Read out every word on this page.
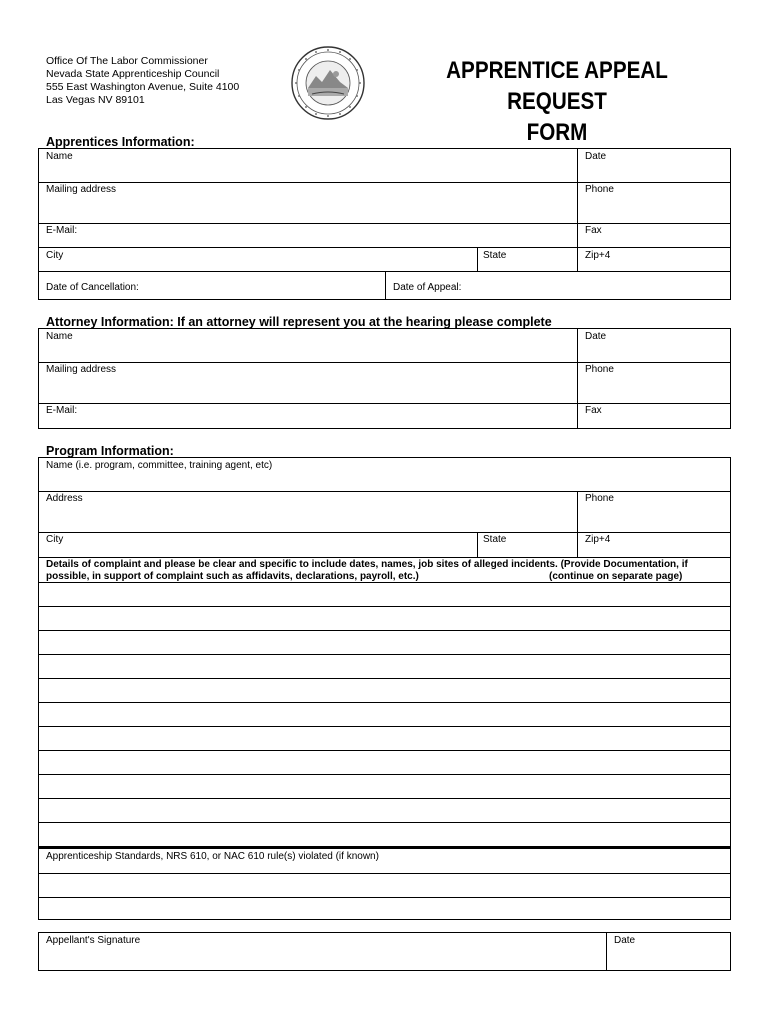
Office Of The Labor Commissioner
Nevada State Apprenticeship Council
555 East Washington Avenue, Suite 4100
Las Vegas NV 89101
APPRENTICE APPEAL REQUEST
FORM
Apprentices Information:
Name	Date
Mailing address	Phone
E-Mail:	Fax
City	State	Zip+4
Date of Cancellation:	Date of Appeal:
Attorney Information: If an attorney will represent you at the hearing please complete
Name	Date
Mailing address	Phone
E-Mail:	Fax
Program Information:
Name (i.e. program, committee, training agent, etc)
Address	Phone
City	State	Zip+4
Details of complaint and please be clear and specific to include dates, names, job sites of alleged incidents. (Provide Documentation, if
possible, in support of complaint such as affidavits, declarations, payroll, etc.)	(continue on separate page)
Apprenticeship Standards, NRS 610, or NAC 610 rule(s) violated (if known)
Appellant's Signature	Date
